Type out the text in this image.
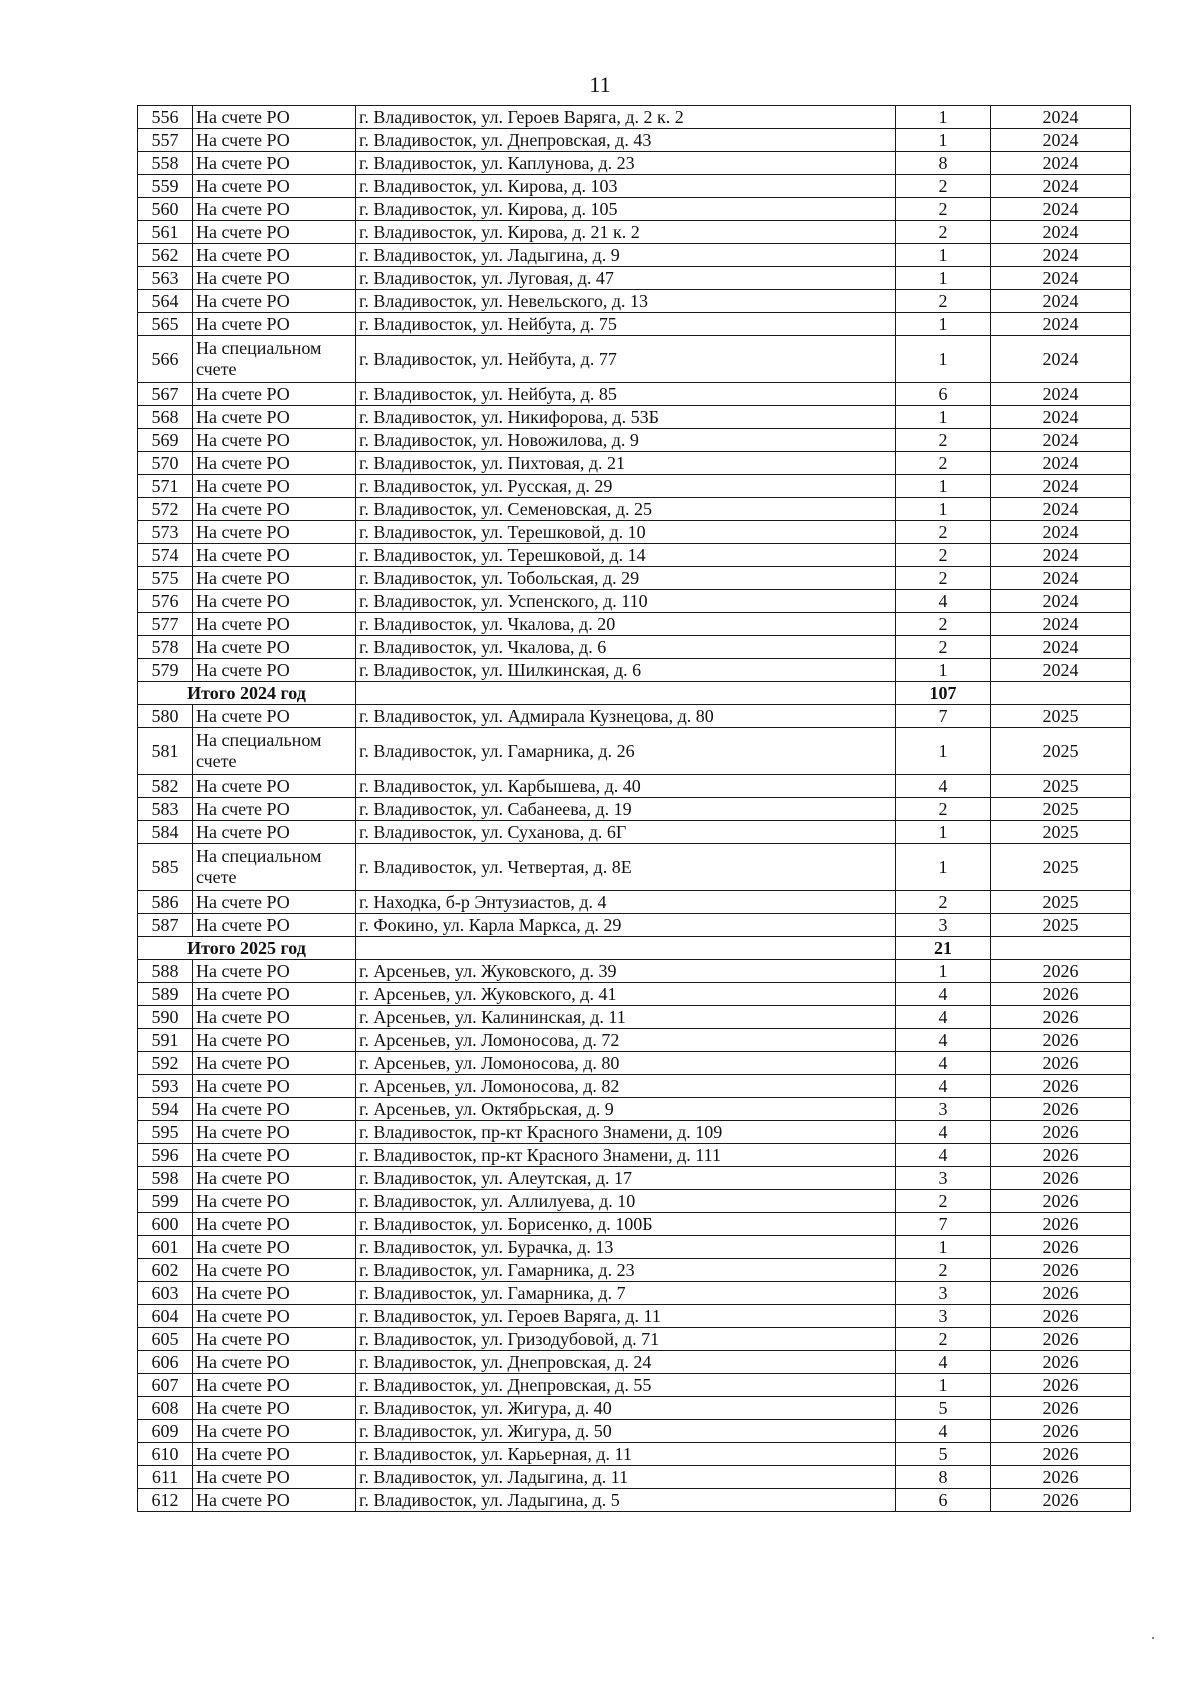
11
556	На счете РО	г. Владивосток, ул. Героев Варяга, д. 2 к. 2	1	2024
557	На счете РО	г. Владивосток, ул. Днепровская, д. 43	1	2024
558	На счете РО	г. Владивосток, ул. Каплунова, д. 23	8	2024
559	На счете РО	г. Владивосток, ул. Кирова, д. 103	2	2024
560	На счете РО	г. Владивосток, ул. Кирова, д. 105	2	2024
561	На счете РО	г. Владивосток, ул. Кирова, д. 21 к. 2	2	2024
562	На счете РО	г. Владивосток, ул. Ладыгина, д. 9	1	2024
563	На счете РО	г. Владивосток, ул. Луговая, д. 47	1	2024
564	На счете РО	г. Владивосток, ул. Невельского, д. 13	2	2024
565	На счете РО	г. Владивосток, ул. Нейбута, д. 75	1	2024
566	На специальном счете	г. Владивосток, ул. Нейбута, д. 77	1	2024
567	На счете РО	г. Владивосток, ул. Нейбута, д. 85	6	2024
568	На счете РО	г. Владивосток, ул. Никифорова, д. 53Б	1	2024
569	На счете РО	г. Владивосток, ул. Новожилова, д. 9	2	2024
570	На счете РО	г. Владивосток, ул. Пихтовая, д. 21	2	2024
571	На счете РО	г. Владивосток, ул. Русская, д. 29	1	2024
572	На счете РО	г. Владивосток, ул. Семеновская, д. 25	1	2024
573	На счете РО	г. Владивосток, ул. Терешковой, д. 10	2	2024
574	На счете РО	г. Владивосток, ул. Терешковой, д. 14	2	2024
575	На счете РО	г. Владивосток, ул. Тобольская, д. 29	2	2024
576	На счете РО	г. Владивосток, ул. Успенского, д. 110	4	2024
577	На счете РО	г. Владивосток, ул. Чкалова, д. 20	2	2024
578	На счете РО	г. Владивосток, ул. Чкалова, д. 6	2	2024
579	На счете РО	г. Владивосток, ул. Шилкинская, д. 6	1	2024
Итого 2024 год			107	
580	На счете РО	г. Владивосток, ул. Адмирала Кузнецова, д. 80	7	2025
581	На специальном счете	г. Владивосток, ул. Гамарника, д. 26	1	2025
582	На счете РО	г. Владивосток, ул. Карбышева, д. 40	4	2025
583	На счете РО	г. Владивосток, ул. Сабанеева, д. 19	2	2025
584	На счете РО	г. Владивосток, ул. Суханова, д. 6Г	1	2025
585	На специальном счете	г. Владивосток, ул. Четвертая, д. 8Е	1	2025
586	На счете РО	г. Находка, б-р Энтузиастов, д. 4	2	2025
587	На счете РО	г. Фокино, ул. Карла Маркса, д. 29	3	2025
Итого 2025 год			21	
588	На счете РО	г. Арсеньев, ул. Жуковского, д. 39	1	2026
589	На счете РО	г. Арсеньев, ул. Жуковского, д. 41	4	2026
590	На счете РО	г. Арсеньев, ул. Калининская, д. 11	4	2026
591	На счете РО	г. Арсеньев, ул. Ломоносова, д. 72	4	2026
592	На счете РО	г. Арсеньев, ул. Ломоносова, д. 80	4	2026
593	На счете РО	г. Арсеньев, ул. Ломоносова, д. 82	4	2026
594	На счете РО	г. Арсеньев, ул. Октябрьская, д. 9	3	2026
595	На счете РО	г. Владивосток, пр-кт Красного Знамени, д. 109	4	2026
596	На счете РО	г. Владивосток, пр-кт Красного Знамени, д. 111	4	2026
598	На счете РО	г. Владивосток, ул. Алеутская, д. 17	3	2026
599	На счете РО	г. Владивосток, ул. Аллилуева, д. 10	2	2026
600	На счете РО	г. Владивосток, ул. Борисенко, д. 100Б	7	2026
601	На счете РО	г. Владивосток, ул. Бурачка, д. 13	1	2026
602	На счете РО	г. Владивосток, ул. Гамарника, д. 23	2	2026
603	На счете РО	г. Владивосток, ул. Гамарника, д. 7	3	2026
604	На счете РО	г. Владивосток, ул. Героев Варяга, д. 11	3	2026
605	На счете РО	г. Владивосток, ул. Гризодубовой, д. 71	2	2026
606	На счете РО	г. Владивосток, ул. Днепровская, д. 24	4	2026
607	На счете РО	г. Владивосток, ул. Днепровская, д. 55	1	2026
608	На счете РО	г. Владивосток, ул. Жигура, д. 40	5	2026
609	На счете РО	г. Владивосток, ул. Жигура, д. 50	4	2026
610	На счете РО	г. Владивосток, ул. Карьерная, д. 11	5	2026
611	На счете РО	г. Владивосток, ул. Ладыгина, д. 11	8	2026
612	На счете РО	г. Владивосток, ул. Ладыгина, д. 5	6	2026
